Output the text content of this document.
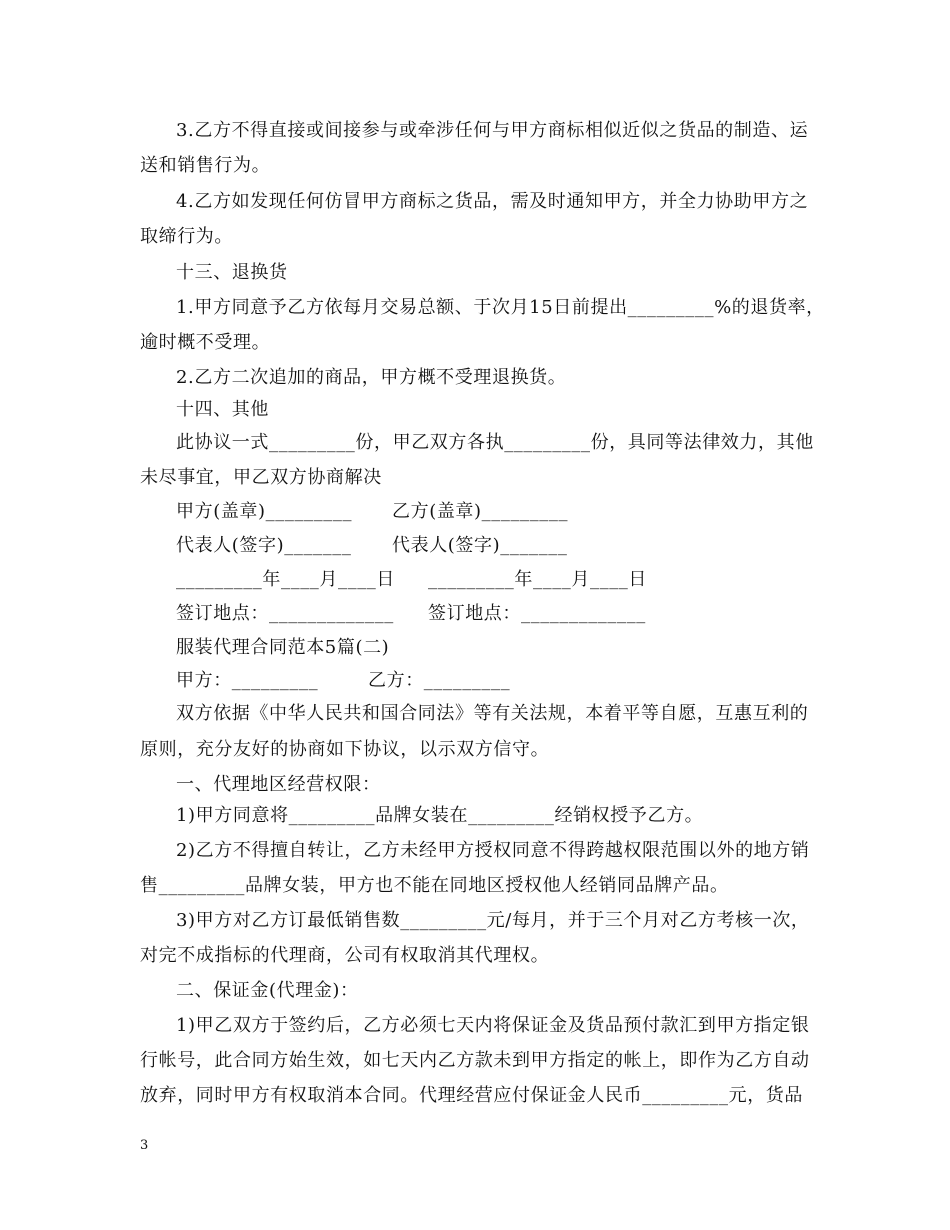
3.乙方不得直接或间接参与或牵涉任何与甲方商标相似近似之货品的制造、运
送和销售行为。
4.乙方如发现任何仿冒甲方商标之货品，需及时通知甲方，并全力协助甲方之
取缔行为。
十三、退换货
1.甲方同意予乙方依每月交易总额、于次月15日前提出_________%的退货率，
逾时概不受理。
2.乙方二次追加的商品，甲方概不受理退换货。
十四、其他
此协议一式_________份，甲乙双方各执_________份，具同等法律效力，其他
未尽事宜，甲乙双方协商解决
甲方(盖章)_________ 乙方(盖章)_________
代表人(签字)_______ 代表人(签字)_______
_________年____月____日 _________年____月____日
签订地点：_____________ 签订地点：_____________
服装代理合同范本5篇(二)
甲方：_________	乙方：_________
双方依据《中华人民共和国合同法》等有关法规，本着平等自愿，互惠互利的
原则，充分友好的协商如下协议，以示双方信守。
一、代理地区经营权限：
1)甲方同意将_________品牌女装在_________经销权授予乙方。
2)乙方不得擅自转让，乙方未经甲方授权同意不得跨越权限范围以外的地方销
售_________品牌女装，甲方也不能在同地区授权他人经销同品牌产品。
3)甲方对乙方订最低销售数_________元/每月，并于三个月对乙方考核一次，
对完不成指标的代理商，公司有权取消其代理权。
二、保证金(代理金)：
1)甲乙双方于签约后，乙方必须七天内将保证金及货品预付款汇到甲方指定银
行帐号，此合同方始生效，如七天内乙方款未到甲方指定的帐上，即作为乙方自动
放弃，同时甲方有权取消本合同。代理经营应付保证金人民币_________元，货品
3
